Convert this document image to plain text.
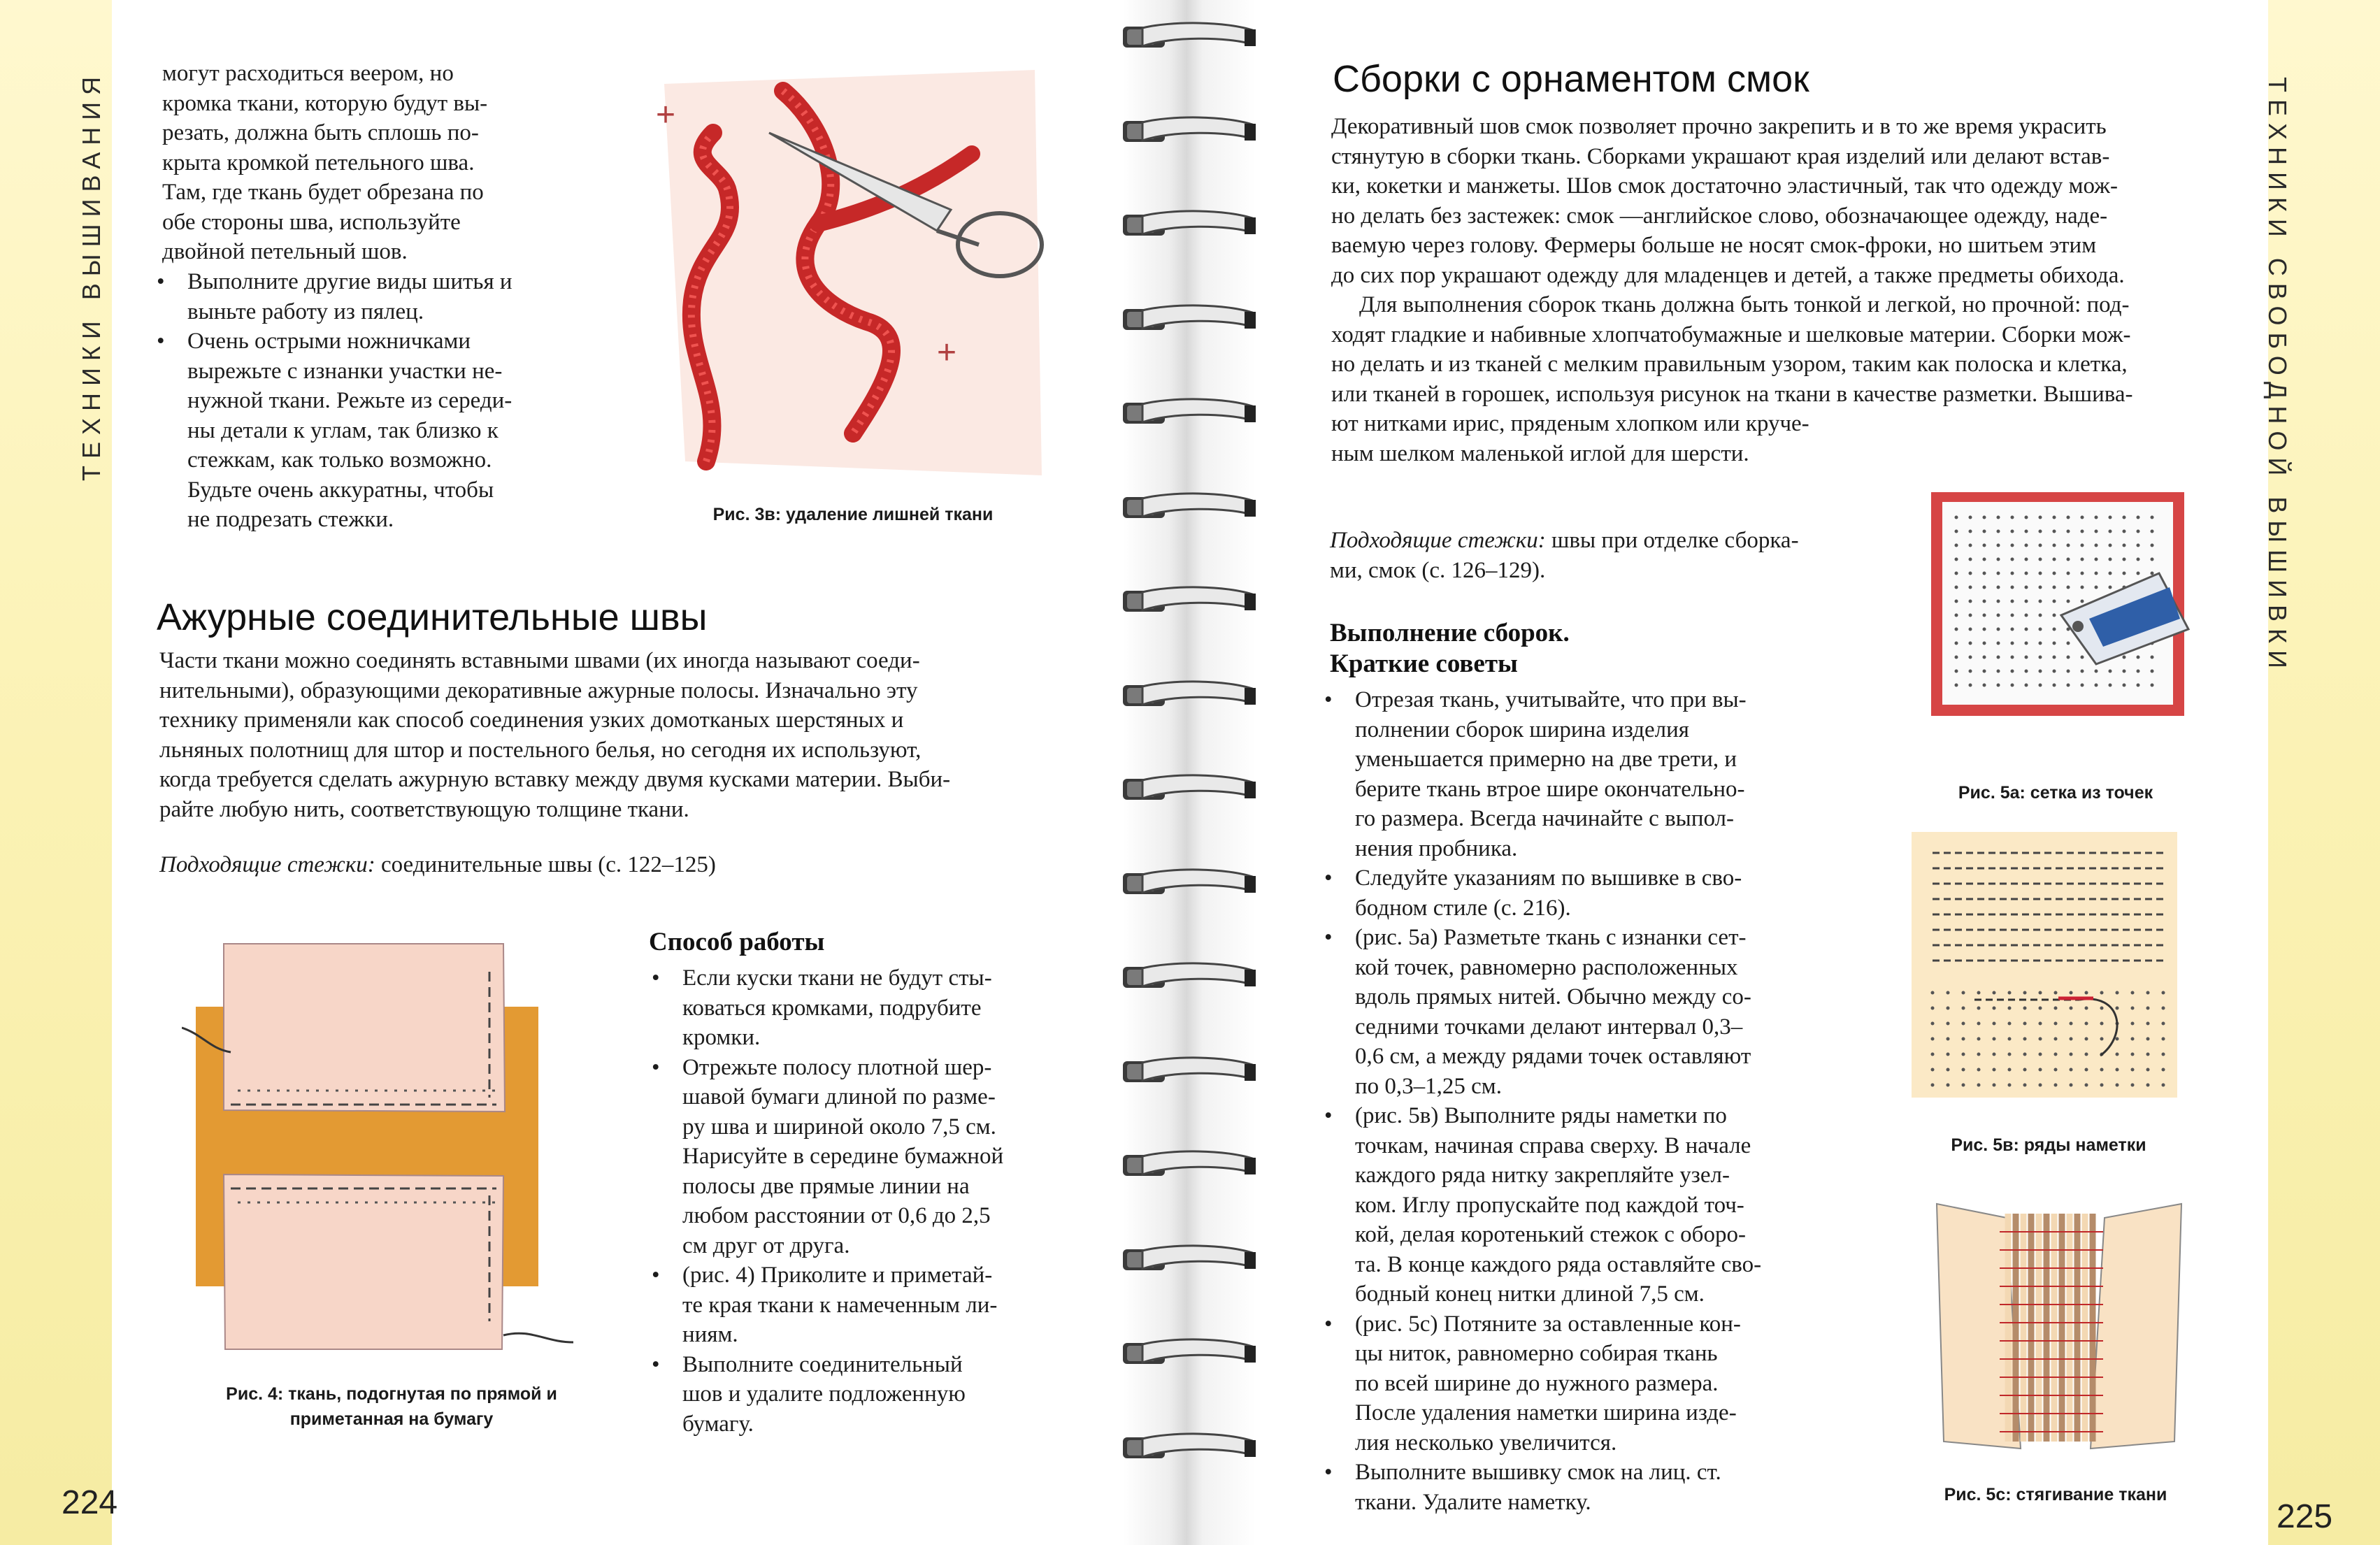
ТЕХНИКИ ВЫШИВАНИЯ	ТЕХНИКИ СВОБОДНОЙ ВЫШИВКИ
224	225
могут расходиться веером, но
кромка ткани, которую будут вы-
резать, должна быть сплошь по-
крыта кромкой петельного шва.
Там, где ткань будет обрезана по
обе стороны шва, используйте
двойной петельный шов.
• Выполните другие виды шитья и
выньте работу из пялец.
• Очень острыми ножничками
вырежьте с изнанки участки не-
нужной ткани. Режьте из середи-
ны детали к углам, так близко к
стежкам, как только возможно.
Будьте очень аккуратны, чтобы
не подрезать стежки.
+
+
Рис. 3в: удаление лишней ткани
Ажурные соединительные швы
Части ткани можно соединять вставными швами (их иногда называют соеди-
нительными), образующими декоративные ажурные полосы. Изначально эту
технику применяли как способ соединения узких домотканых шерстяных и
льняных полотнищ для штор и постельного белья, но сегодня их используют,
когда требуется сделать ажурную вставку между двумя кусками материи. Выби-
райте любую нить, соответствующую толщине ткани.
Подходящие стежки: соединительные швы (с. 122–125)
Рис. 4: ткань, подогнутая по прямой и
приметанная на бумагу
Способ работы
• Если куски ткани не будут сты-
коваться кромками, подрубите
кромки.
• Отрежьте полосу плотной шер-
шавой бумаги длиной по разме-
ру шва и шириной около 7,5 см.
Нарисуйте в середине бумажной
полосы две прямые линии на
любом расстоянии от 0,6 до 2,5
см друг от друга.
• (рис. 4) Приколите и приметай-
те края ткани к намеченным ли-
ниям.
• Выполните соединительный
шов и удалите подложенную
бумагу.
Сборки с орнаментом смок
Декоративный шов смок позволяет прочно закрепить и в то же время украсить
стянутую в сборки ткань. Сборками украшают края изделий или делают встав-
ки, кокетки и манжеты. Шов смок достаточно эластичный, так что одежду мож-
но делать без застежек: смок —английское слово, обозначающее одежду, наде-
ваемую через голову. Фермеры больше не носят смок-фроки, но шитьем этим
до сих пор украшают одежду для младенцев и детей, а также предметы обихода.
Для выполнения сборок ткань должна быть тонкой и легкой, но прочной: под-
ходят гладкие и набивные хлопчатобумажные и шелковые материи. Сборки мож-
но делать и из тканей с мелким правильным узором, таким как полоска и клетка,
или тканей в горошек, используя рисунок на ткани в качестве разметки. Вышива-
ют нитками ирис, пряденым хлопком или круче-
ным шелком маленькой иглой для шерсти.
Подходящие стежки: швы при отделке сборка-
ми, смок (с. 126–129).
Выполнение сборок.
Краткие советы
• Отрезая ткань, учитывайте, что при вы-
полнении сборок ширина изделия
уменьшается примерно на две трети, и
берите ткань втрое шире окончательно-
го размера. Всегда начинайте с выпол-
нения пробника.
• Следуйте указаниям по вышивке в сво-
бодном стиле (с. 216).
• (рис. 5а) Разметьте ткань с изнанки сет-
кой точек, равномерно расположенных
вдоль прямых нитей. Обычно между со-
седними точками делают интервал 0,3–
0,6 см, а между рядами точек оставляют
по 0,3–1,25 см.
• (рис. 5в) Выполните ряды наметки по
точкам, начиная справа сверху. В начале
каждого ряда нитку закрепляйте узел-
ком. Иглу пропускайте под каждой точ-
кой, делая коротенький стежок с оборо-
та. В конце каждого ряда оставляйте сво-
бодный конец нитки длиной 7,5 см.
• (рис. 5с) Потяните за оставленные кон-
цы ниток, равномерно собирая ткань
по всей ширине до нужного размера.
После удаления наметки ширина изде-
лия несколько увеличится.
• Выполните вышивку смок на лиц. ст.
ткани. Удалите наметку.
Рис. 5а: сетка из точек
Рис. 5в: ряды наметки
Рис. 5с: стягивание ткани
